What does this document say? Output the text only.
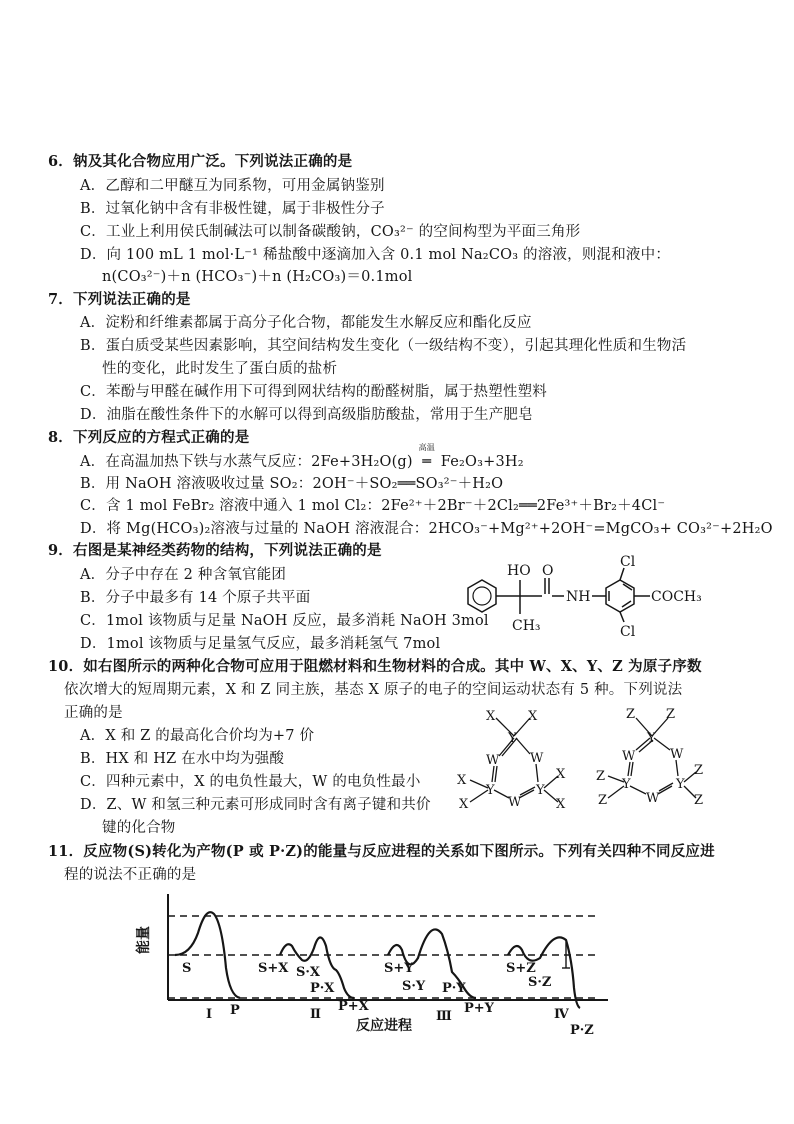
6．钠及其化合物应用广泛。下列说法正确的是
A．乙醇和二甲醚互为同系物，可用金属钠鉴别
B．过氧化钠中含有非极性键，属于非极性分子
C．工业上利用侯氏制碱法可以制备碳酸钠，CO₃²⁻ 的空间构型为平面三角形
D．向 100 mL 1 mol·L⁻¹ 稀盐酸中逐滴加入含 0.1 mol Na₂CO₃ 的溶液，则混和液中：
n(CO₃²⁻)＋n (HCO₃⁻)＋n (H₂CO₃)＝0.1mol
7．下列说法正确的是
A．淀粉和纤维素都属于高分子化合物，都能发生水解反应和酯化反应
B．蛋白质受某些因素影响，其空间结构发生变化（一级结构不变），引起其理化性质和生物活
性的变化，此时发生了蛋白质的盐析
C．苯酚与甲醛在碱作用下可得到网状结构的酚醛树脂，属于热塑性塑料
D．油脂在酸性条件下的水解可以得到高级脂肪酸盐，常用于生产肥皂
8．下列反应的方程式正确的是
A．在高温加热下铁与水蒸气反应：2Fe+3H₂O(g)
高温
═ Fe₂O₃+3H₂
B．用 NaOH 溶液吸收过量 SO₂：2OH⁻＋SO₂══SO₃²⁻＋H₂O
C．含 1 mol FeBr₂ 溶液中通入 1 mol Cl₂：2Fe²⁺＋2Br⁻＋2Cl₂══2Fe³⁺＋Br₂＋4Cl⁻
D．将 Mg(HCO₃)₂溶液与过量的 NaOH 溶液混合：2HCO₃⁻+Mg²⁺+2OH⁻=MgCO₃+ CO₃²⁻+2H₂O
9．右图是某神经类药物的结构，下列说法正确的是
A．分子中存在 2 种含氧官能团
B．分子中最多有 14 个原子共平面
C．1mol 该物质与足量 NaOH 反应，最多消耗 NaOH 3mol
D．1mol 该物质与足量氢气反应，最多消耗氢气 7mol
HO O
NH
Cl
Cl
COCH₃
CH₃
10．如右图所示的两种化合物可应用于阻燃材料和生物材料的合成。其中 W、X、Y、Z 为原子序数
依次增大的短周期元素，X 和 Z 同主族，基态 X 原子的电子的空间运动状态有 5 种。下列说法
正确的是
A．X 和 Z 的最高化合价均为+7 价
B．HX 和 HZ 在水中均为强酸
C．四种元素中，X 的电负性最大，W 的电负性最小
D．Z、W 和氢三种元素可形成同时含有离子键和共价
键的化合物
X	X
Y
W W
Y	Y
W
X
X
X
X
Z Z
Y
W	W
Y	Y
W
Z
Z
Z
Z
11．反应物(S)转化为产物(P 或 P·Z)的能量与反应进程的关系如下图所示。下列有关四种不同反应进
程的说法不正确的是
能量
反应进程
S
P
Ⅰ
S+X S·X
P·X
P+X
Ⅱ
S+Y
S·Y P·Y
P+Y
Ⅲ
S+Z
S·Z
P·Z
Ⅳ
